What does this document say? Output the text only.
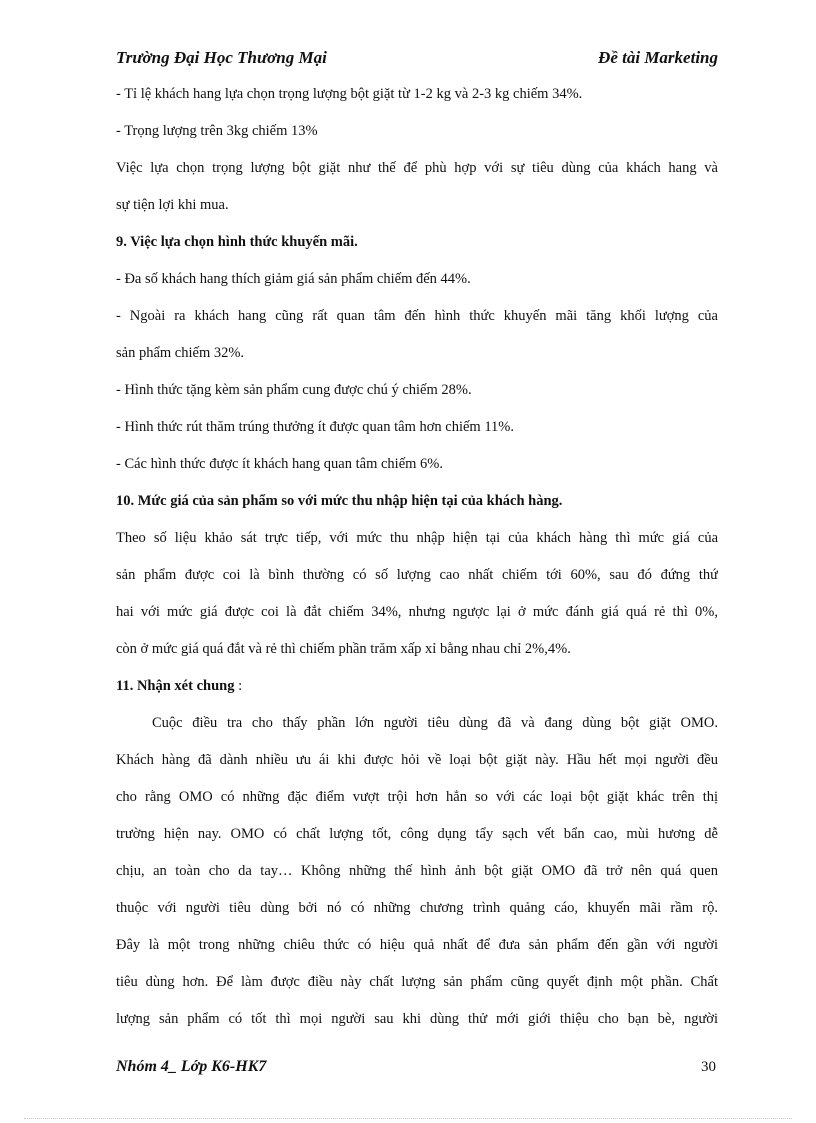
Trường Đại Học Thương Mại	Đề tài Marketing
- Tỉ lệ khách hang lựa chọn trọng lượng bột giặt từ 1-2 kg và 2-3 kg chiếm 34%.
- Trọng lượng trên 3kg chiếm 13%
Việc lựa chọn trọng lượng bột giặt như thế để phù hợp với sự tiêu dùng của khách hang và
sự tiện lợi khi mua.
9. Việc lựa chọn hình thức khuyến mãi.
- Đa số khách hang thích giảm giá sản phẩm chiếm đến 44%.
- Ngoài ra khách hang cũng rất quan tâm đến hình thức khuyến mãi tăng khối lượng của
sản phẩm chiếm 32%.
- Hình thức tặng kèm sản phẩm cung được chú ý chiếm 28%.
- Hình thức rút thăm trúng thưởng ít được quan tâm hơn chiếm 11%.
- Các hình thức được ít khách hang quan tâm chiếm 6%.
10. Mức giá của sản phẩm so với mức thu nhập hiện tại của khách hàng.
Theo số liệu khảo sát trực tiếp, với mức thu nhập hiện tại của khách hàng thì mức giá của
sản phẩm được coi là bình thường có số lượng cao nhất chiếm tới 60%, sau đó đứng thứ
hai với mức giá được coi là đắt chiếm 34%, nhưng ngược lại ở mức đánh giá quá rẻ thì 0%,
còn ở mức giá quá đắt và rẻ thì chiếm phần trăm xấp xỉ bằng nhau chỉ 2%,4%.
11. Nhận xét chung :
Cuộc điều tra cho thấy phần lớn người tiêu dùng đã và đang dùng bột giặt OMO.
Khách hàng đã dành nhiều ưu ái khi được hỏi về loại bột giặt này. Hầu hết mọi người đều
cho rằng OMO có những đặc điểm vượt trội hơn hẳn so với các loại bột giặt khác trên thị
trường hiện nay. OMO có chất lượng tốt, công dụng tẩy sạch vết bẩn cao, mùi hương dễ
chịu, an toàn cho da tay… Không những thế hình ảnh bột giặt OMO đã trở nên quá quen
thuộc với người tiêu dùng bởi nó có những chương trình quảng cáo, khuyến mãi rầm rộ.
Đây là một trong những chiêu thức có hiệu quả nhất để đưa sản phẩm đến gần với người
tiêu dùng hơn. Để làm được điều này chất lượng sản phẩm cũng quyết định một phần. Chất
lượng sản phẩm có tốt thì mọi người sau khi dùng thử mới giới thiệu cho bạn bè, người
Nhóm 4_ Lớp K6-HK7	30
